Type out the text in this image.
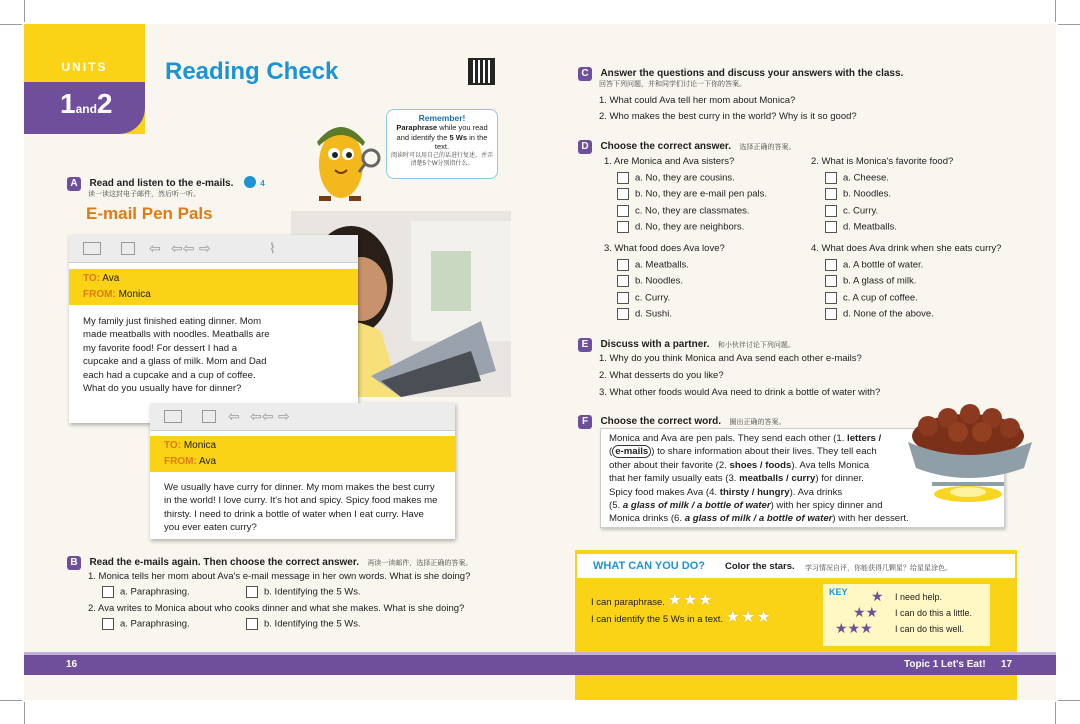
UNITS
1and2
Reading Check
Remember!
Paraphrase while you read and identify the 5 Ws in the text.
阅读时可以用自己的话进行复述，并弄清楚5个W分别指什么。
A Read and listen to the e-mails.	4
读一读这封电子邮件，然后听一听。
E-mail Pen Pals
⇦ ⇦⇦ ⇨	⌇
TO: Ava
FROM: Monica
My family just finished eating dinner. Mom made meatballs with noodles. Meatballs are my favorite food! For dessert I had a cupcake and a glass of milk. Mom and Dad each had a cupcake and a cup of coffee. What do you usually have for dinner?
⇦ ⇦⇦ ⇨
TO: Monica
FROM: Ava
We usually have curry for dinner. My mom makes the best curry in the world! I love curry. It's hot and spicy. Spicy food makes me thirsty. I need to drink a bottle of water when I eat curry. Have you ever eaten curry?
B Read the e-mails again. Then choose the correct answer. 再读一读邮件，选择正确的答案。
1. Monica tells her mom about Ava's e-mail message in her own words. What is she doing?
a. Paraphrasing.	b. Identifying the 5 Ws.
2. Ava writes to Monica about who cooks dinner and what she makes. What is she doing?
a. Paraphrasing.	b. Identifying the 5 Ws.
C Answer the questions and discuss your answers with the class.
回答下列问题，并和同学们讨论一下你的答案。
1. What could Ava tell her mom about Monica?
2. Who makes the best curry in the world? Why is it so good?
D Choose the correct answer. 选择正确的答案。
1. Are Monica and Ava sisters?
a. No, they are cousins.
b. No, they are e-mail pen pals.
c. No, they are classmates.
d. No, they are neighbors.
2. What is Monica's favorite food?
a. Cheese.
b. Noodles.
c. Curry.
d. Meatballs.
3. What food does Ava love?
a. Meatballs.
b. Noodles.
c. Curry.
d. Sushi.
4. What does Ava drink when she eats curry?
a. A bottle of water.
b. A glass of milk.
c. A cup of coffee.
d. None of the above.
E Discuss with a partner. 和小伙伴讨论下列问题。
1. Why do you think Monica and Ava send each other e-mails?
2. What desserts do you like?
3. What other foods would Ava need to drink a bottle of water with?
F Choose the correct word. 圈出正确的答案。
Monica and Ava are pen pals. They send each other (1. letters /
( e-mails ) to share information about their lives. They tell each
other about their favorite (2. shoes / foods). Ava tells Monica
that her family usually eats (3. meatballs / curry) for dinner.
Spicy food makes Ava (4. thirsty / hungry). Ava drinks
(5. a glass of milk / a bottle of water) with her spicy dinner and
Monica drinks (6. a glass of milk / a bottle of water) with her dessert.
WHAT CAN YOU DO? Color the stars. 学习情况自评，你能获得几颗星？给星星涂色。
I can paraphrase. ★★★
I can identify the 5 Ws in a text. ★★★
KEY ★ I need help.
★★ I can do this a little.
★★★ I can do this well.
16	Topic 1 Let's Eat! 17
